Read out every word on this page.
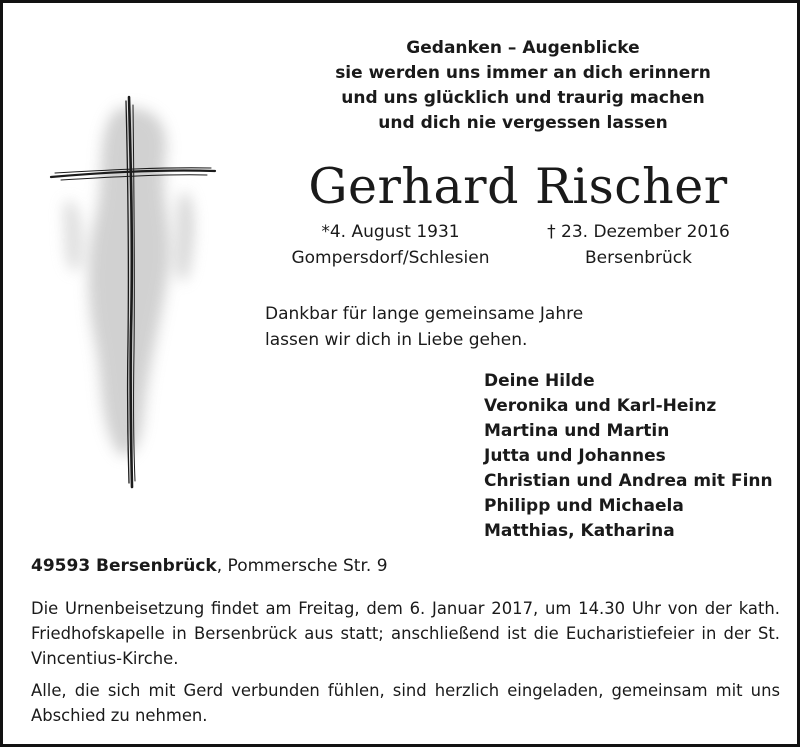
Gedanken – Augenblicke
sie werden uns immer an dich erinnern
und uns glücklich und traurig machen
und dich nie vergessen lassen
Gerhard Rischer
*4. August 1931
Gompersdorf/Schlesien
† 23. Dezember 2016
Bersenbrück
Dankbar für lange gemeinsame Jahre
lassen wir dich in Liebe gehen.
Deine Hilde
Veronika und Karl-Heinz
Martina und Martin
Jutta und Johannes
Christian und Andrea mit Finn
Philipp und Michaela
Matthias, Katharina
49593 Bersenbrück, Pommersche Str. 9

Die Urnenbeisetzung findet am Freitag, dem 6. Januar 2017, um 14.30 Uhr von der kath. Friedhofskapelle in Bersenbrück aus statt; anschließend ist die Eucharistiefeier in der St. Vincentius-Kirche.

Alle, die sich mit Gerd verbunden fühlen, sind herzlich eingeladen, gemeinsam mit uns Abschied zu nehmen.
